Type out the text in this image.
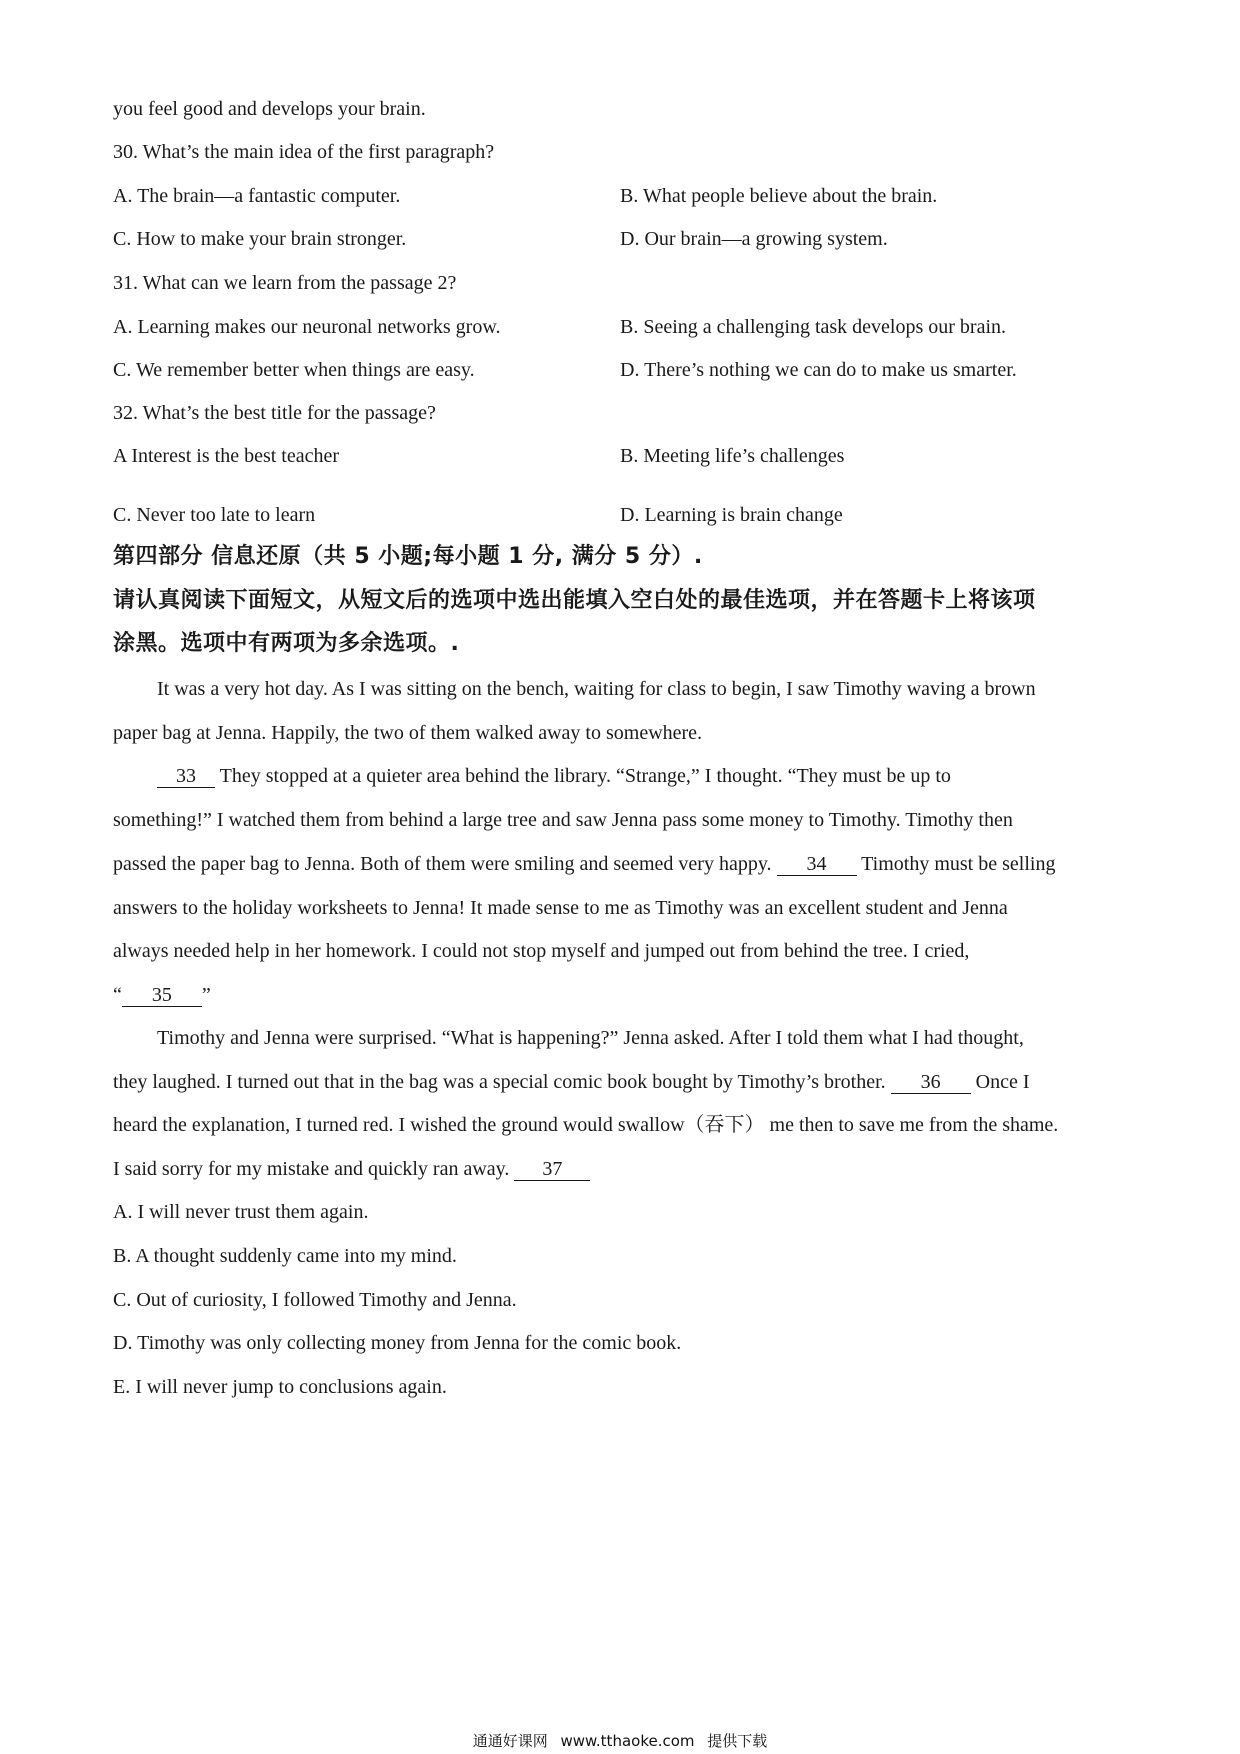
you feel good and develops your brain.
30. What’s the main idea of the first paragraph?
A. The brain—a fantastic computer.	B. What people believe about the brain.
C. How to make your brain stronger.	D. Our brain—a growing system.
31. What can we learn from the passage 2?
A. Learning makes our neuronal networks grow.	B. Seeing a challenging task develops our brain.
C. We remember better when things are easy.	D. There’s nothing we can do to make us smarter.
32. What’s the best title for the passage?
A Interest is the best teacher	B. Meeting life’s challenges
C. Never too late to learn	D. Learning is brain change
第四部分 信息还原（共 5 小题;每小题 1 分, 满分 5 分）.
请认真阅读下面短文，从短文后的选项中选出能填入空白处的最佳选项，并在答题卡上将该项
涂黑。选项中有两项为多余选项。.
It was a very hot day. As I was sitting on the bench, waiting for class to begin, I saw Timothy waving a brown
paper bag at Jenna. Happily, the two of them walked away to somewhere.
33 They stopped at a quieter area behind the library. “Strange,” I thought. “They must be up to
something!” I watched them from behind a large tree and saw Jenna pass some money to Timothy. Timothy then
passed the paper bag to Jenna. Both of them were smiling and seemed very happy. 34 Timothy must be selling
answers to the holiday worksheets to Jenna! It made sense to me as Timothy was an excellent student and Jenna
always needed help in her homework. I could not stop myself and jumped out from behind the tree. I cried,
“ 35 ”
Timothy and Jenna were surprised. “What is happening?” Jenna asked. After I told them what I had thought,
they laughed. I turned out that in the bag was a special comic book bought by Timothy’s brother. 36 Once I
heard the explanation, I turned red. I wished the ground would swallow（吞下） me then to save me from the shame.
I said sorry for my mistake and quickly ran away. 37
A. I will never trust them again.
B. A thought suddenly came into my mind.
C. Out of curiosity, I followed Timothy and Jenna.
D. Timothy was only collecting money from Jenna for the comic book.
E. I will never jump to conclusions again.
通通好课网 www.tthaoke.com 提供下载
